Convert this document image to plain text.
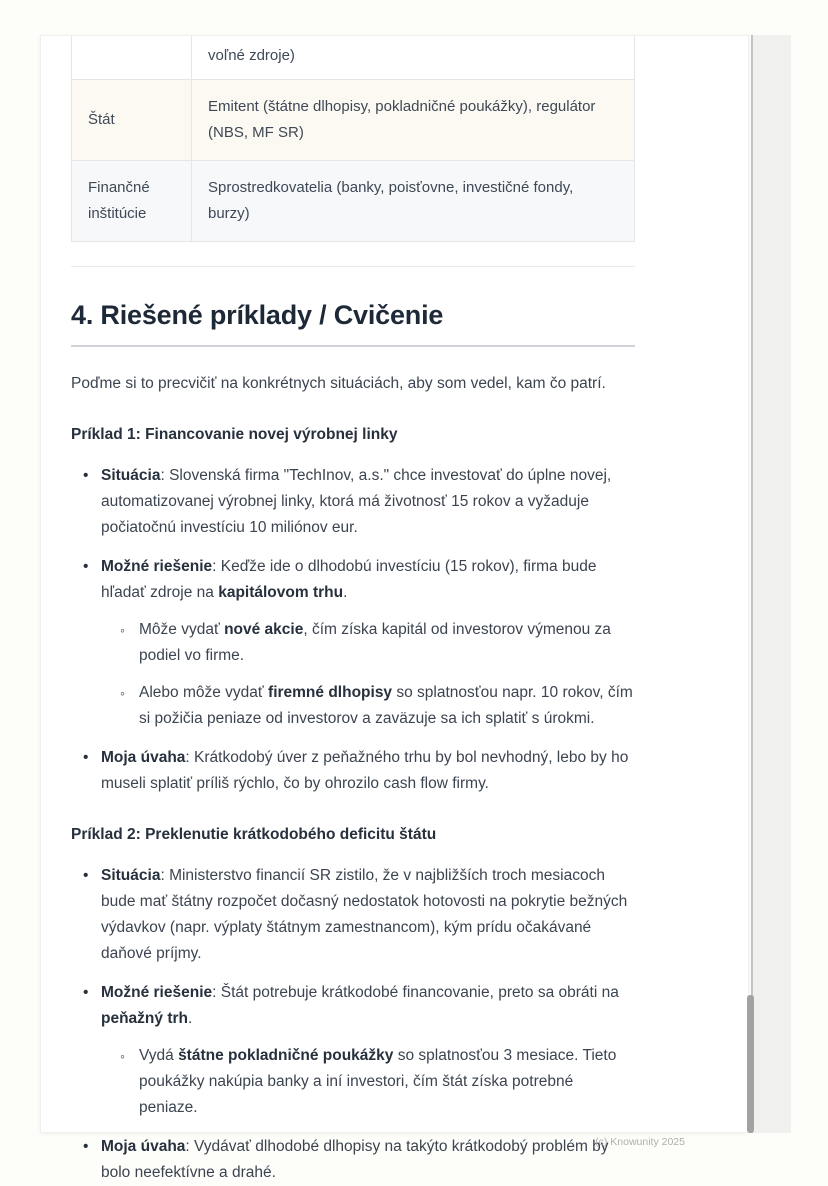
voľné zdroje)
Štát
Emitent (štátne dlhopisy, pokladničné poukážky), regulátor (NBS, MF SR)
Finančné inštitúcie
Sprostredkovatelia (banky, poisťovne, investičné fondy, burzy)
4. Riešené príklady / Cvičenie

Poďme si to precvičiť na konkrétnych situáciách, aby som vedel, kam čo patrí.

Príklad 1: Financovanie novej výrobnej linky

• Situácia: Slovenská firma "TechInov, a.s." chce investovať do úplne novej, automatizovanej výrobnej linky, ktorá má životnosť 15 rokov a vyžaduje počiatočnú investíciu 10 miliónov eur.
• Možné riešenie: Keďže ide o dlhodobú investíciu (15 rokov), firma bude hľadať zdroje na kapitálovom trhu.
◦ Môže vydať nové akcie, čím získa kapitál od investorov výmenou za podiel vo firme.
◦ Alebo môže vydať firemné dlhopisy so splatnosťou napr. 10 rokov, čím si požičia peniaze od investorov a zaväzuje sa ich splatiť s úrokmi.
• Moja úvaha: Krátkodobý úver z peňažného trhu by bol nevhodný, lebo by ho museli splatiť príliš rýchlo, čo by ohrozilo cash flow firmy.

Príklad 2: Preklenutie krátkodobého deficitu štátu

• Situácia: Ministerstvo financií SR zistilo, že v najbližších troch mesiacoch bude mať štátny rozpočet dočasný nedostatok hotovosti na pokrytie bežných výdavkov (napr. výplaty štátnym zamestnancom), kým prídu očakávané daňové príjmy.
• Možné riešenie: Štát potrebuje krátkodobé financovanie, preto sa obráti na peňažný trh.
◦ Vydá štátne pokladničné poukážky so splatnosťou 3 mesiace. Tieto poukážky nakúpia banky a iní investori, čím štát získa potrebné peniaze.
• Moja úvaha: Vydávať dlhodobé dlhopisy na takýto krátkodobý problém by bolo neefektívne a drahé.
(c) Knowunity 2025
